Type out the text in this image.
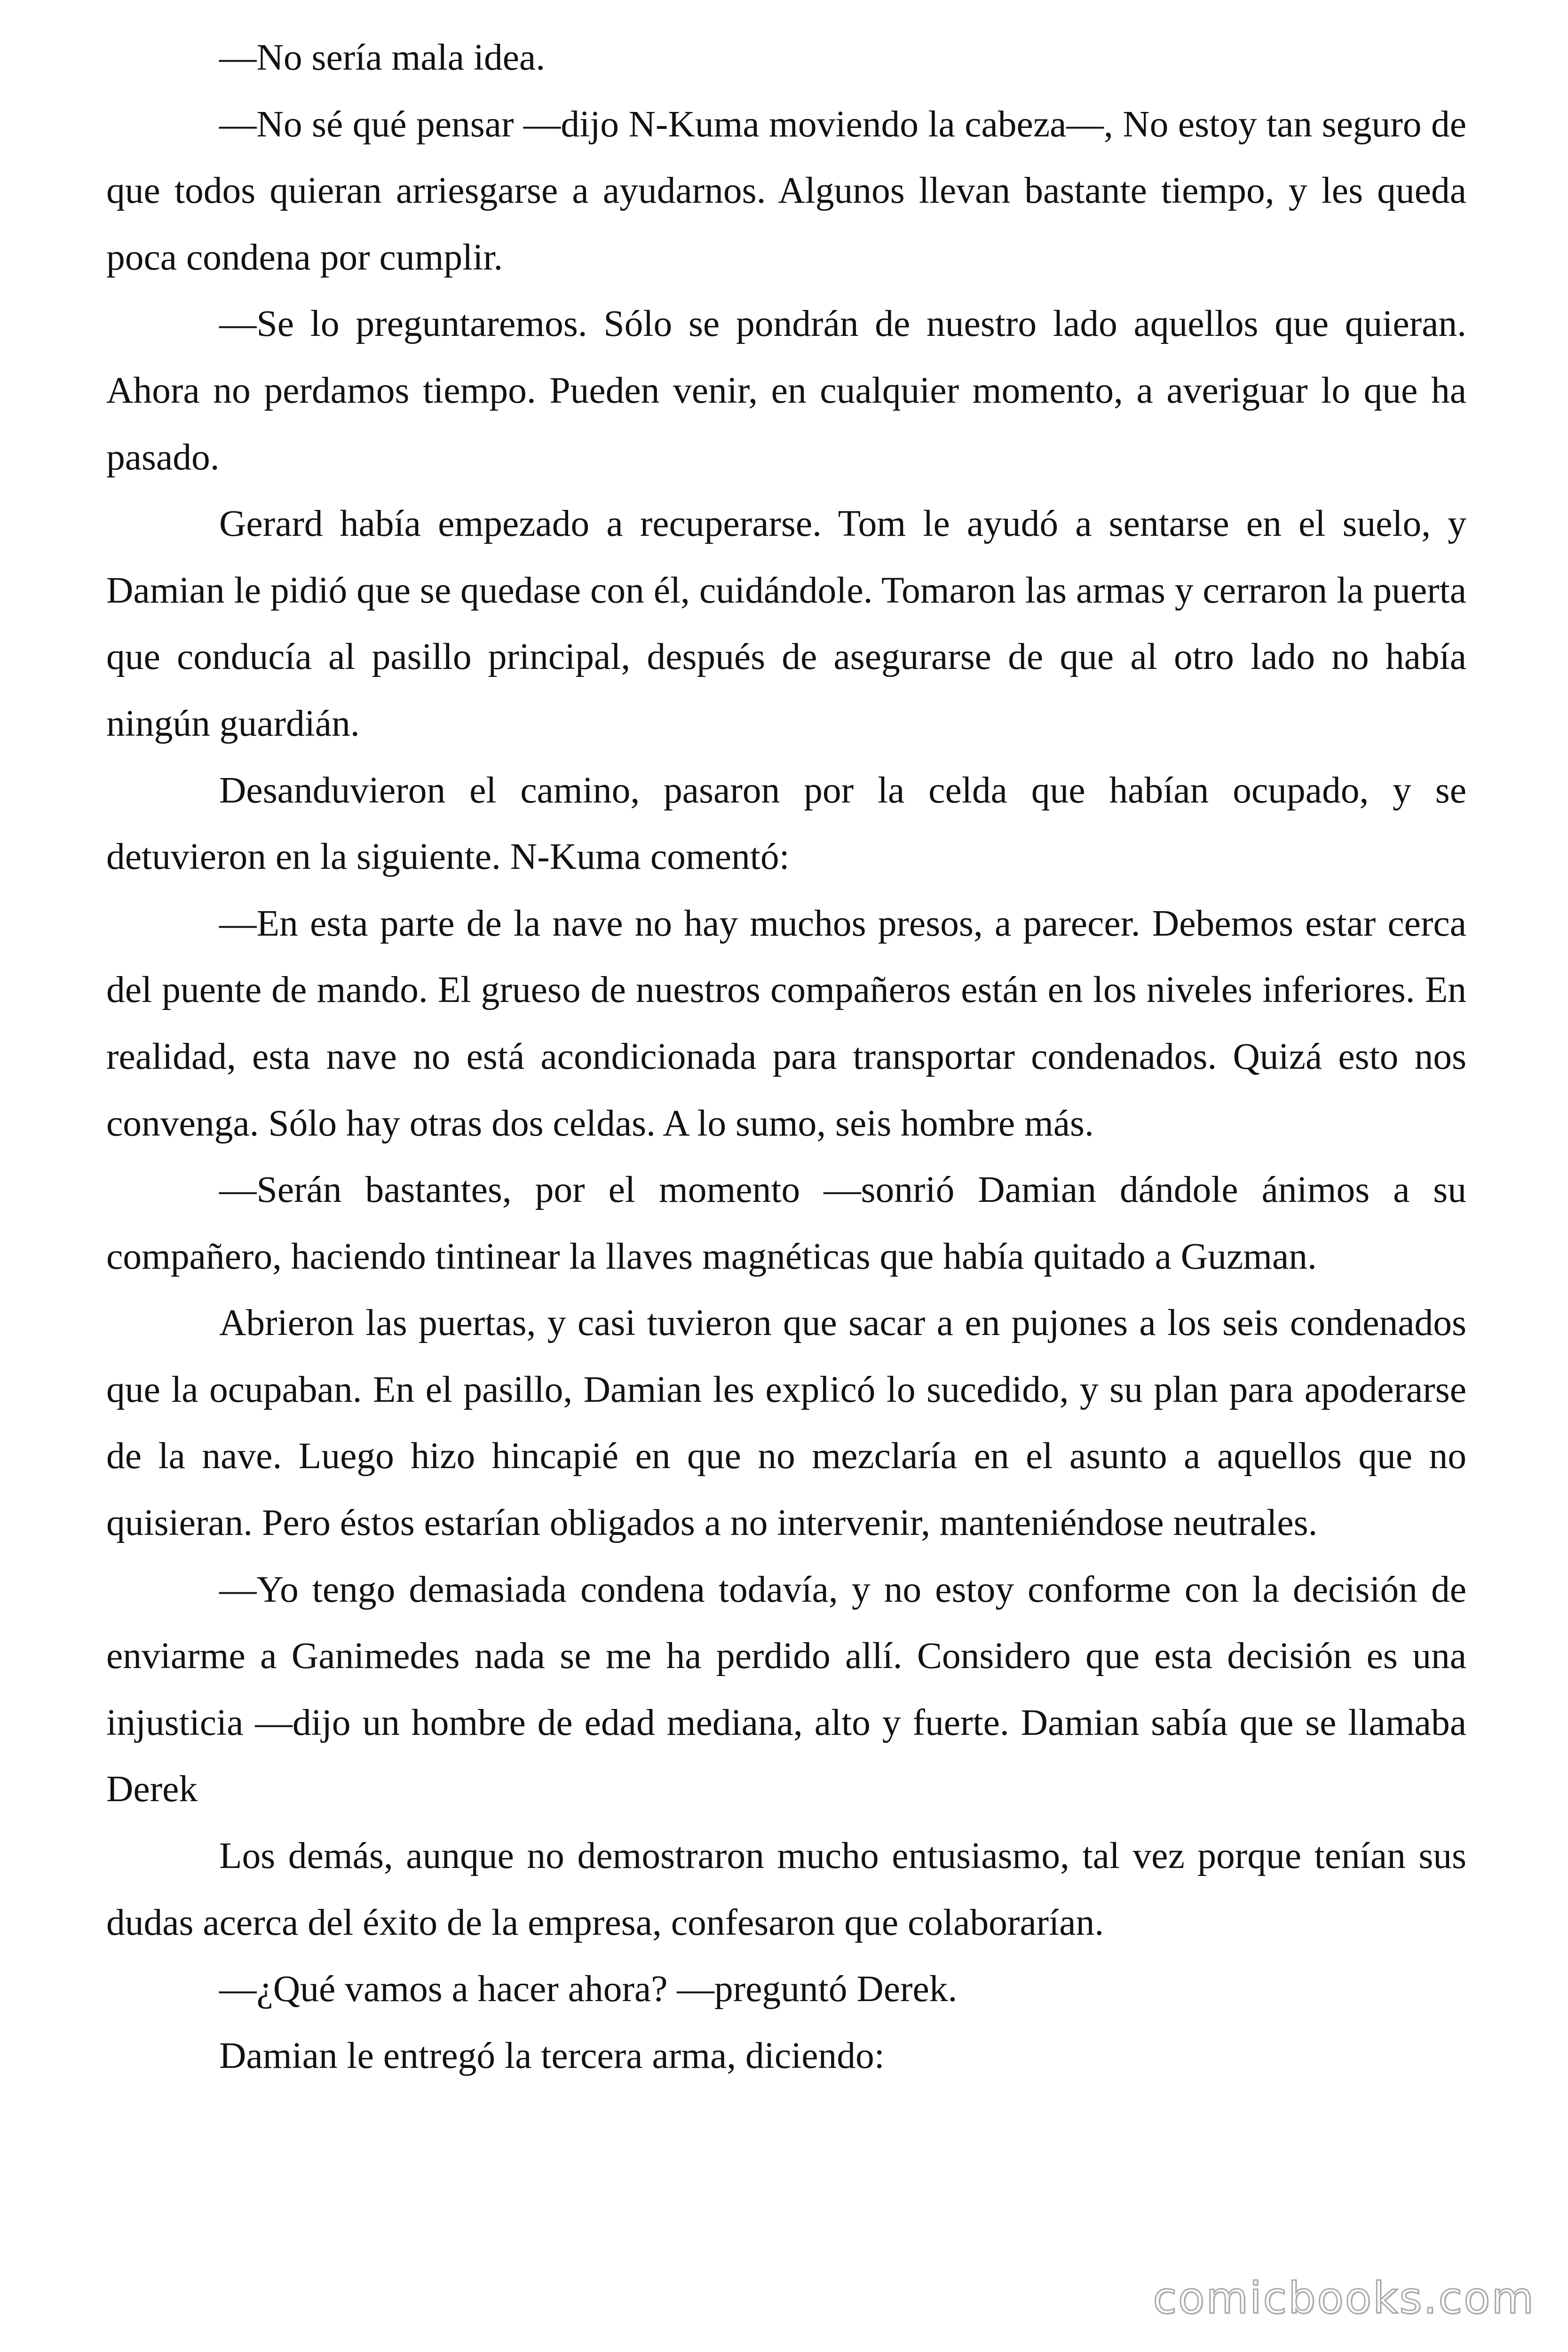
—No sería mala idea.

—No sé qué pensar —dijo N-Kuma moviendo la cabeza—, No estoy tan seguro de que todos quieran arriesgarse a ayudarnos. Algunos llevan bastante tiempo, y les queda poca condena por cumplir.

—Se lo preguntaremos. Sólo se pondrán de nuestro lado aquellos que quieran. Ahora no perdamos tiempo. Pueden venir, en cualquier momento, a averiguar lo que ha pasado.

Gerard había empezado a recuperarse. Tom le ayudó a sentarse en el suelo, y Damian le pidió que se quedase con él, cuidándole. Tomaron las armas y cerraron la puerta que conducía al pasillo principal, después de asegurarse de que al otro lado no había ningún guardián.

Desanduvieron el camino, pasaron por la celda que habían ocupado, y se detuvieron en la siguiente. N-Kuma comentó:

—En esta parte de la nave no hay muchos presos, a parecer. Debemos estar cerca del puente de mando. El grueso de nuestros compañeros están en los niveles inferiores. En realidad, esta nave no está acondicionada para transportar condenados. Quizá esto nos convenga. Sólo hay otras dos celdas. A lo sumo, seis hombre más.

—Serán bastantes, por el momento —sonrió Damian dándole ánimos a su compañero, haciendo tintinear la llaves magnéticas que había quitado a Guzman.

Abrieron las puertas, y casi tuvieron que sacar a en pujones a los seis condenados que la ocupaban. En el pasillo, Damian les explicó lo sucedido, y su plan para apoderarse de la nave. Luego hizo hincapié en que no mezclaría en el asunto a aquellos que no quisieran. Pero éstos estarían obligados a no intervenir, manteniéndose neutrales.

—Yo tengo demasiada condena todavía, y no estoy conforme con la decisión de enviarme a Ganimedes nada se me ha perdido allí. Considero que esta decisión es una injusticia —dijo un hombre de edad mediana, alto y fuerte. Damian sabía que se llamaba Derek

Los demás, aunque no demostraron mucho entusiasmo, tal vez porque tenían sus dudas acerca del éxito de la empresa, confesaron que colaborarían.

—¿Qué vamos a hacer ahora? —preguntó Derek.

Damian le entregó la tercera arma, diciendo:

comicbooks.com
